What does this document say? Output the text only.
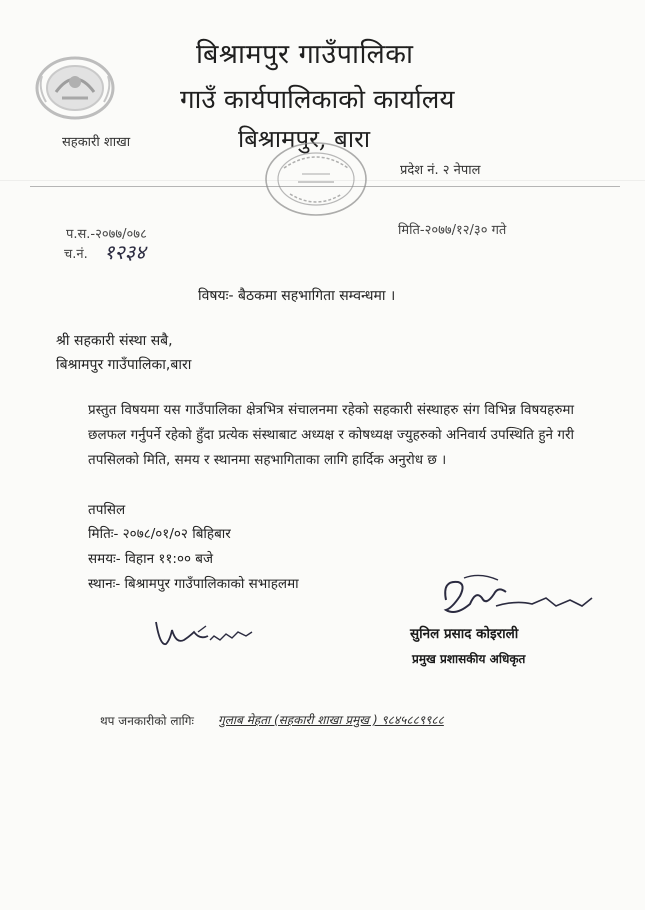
बिश्रामपुर गाउँपालिका
गाउँ कार्यपालिकाको कार्यालय
बिश्रामपुर, बारा
सहकारी शाखा
प्रदेश नं. २ नेपाल
प.स.-२०७७/०७८	मिति-२०७७/१२/३० गते
च.नं. १२३४
विषयः- बैठकमा सहभागिता सम्वन्धमा ।
श्री सहकारी संस्था सबै,
बिश्रामपुर गाउँपालिका,बारा
प्रस्तुत विषयमा यस गाउँपालिका क्षेत्रभित्र संचालनमा रहेको सहकारी संस्थाहरु संग विभिन्न विषयहरुमा छलफल गर्नुपर्ने रहेको हुँदा प्रत्येक संस्थाबाट अध्यक्ष र कोषध्यक्ष ज्युहरुको अनिवार्य उपस्थिति हुने गरी तपसिलको मिति, समय र स्थानमा सहभागिताका लागि हार्दिक अनुरोध छ ।
तपसिल
मितिः- २०७८/०१/०२ बिहिबार
समयः- विहान ११:०० बजे
स्थानः- बिश्रामपुर गाउँपालिकाको सभाहलमा
सुनिल प्रसाद कोइराली
प्रमुख प्रशासकीय अधिकृत
थप जनकारीको लागिः गुलाब मेहता (सहकारी शाखा प्रमुख ) ९८४५८८९९८८
